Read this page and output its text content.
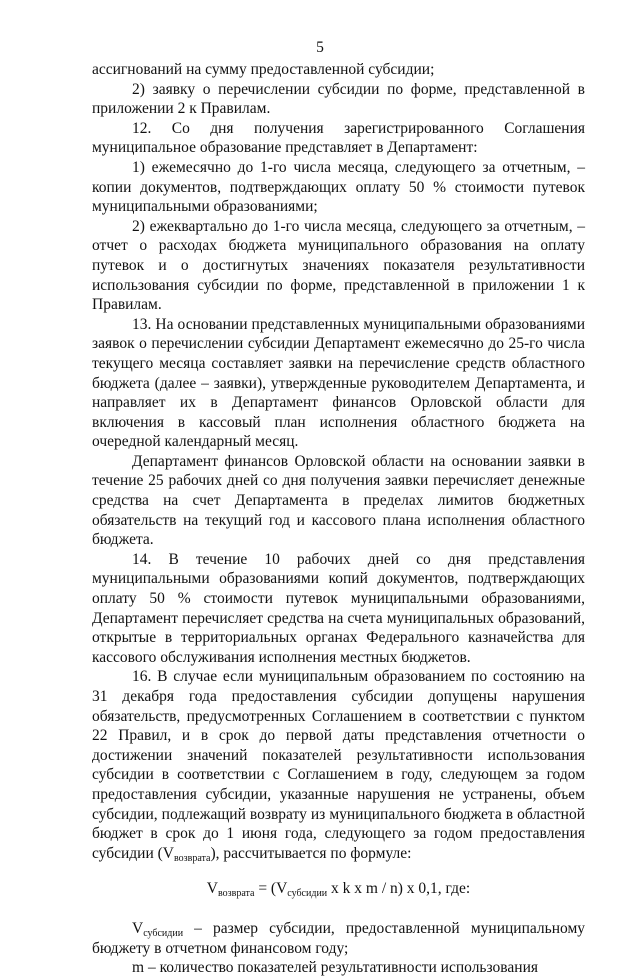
5

ассигнований на сумму предоставленной субсидии;

2) заявку о перечислении субсидии по форме, представленной в приложении 2 к Правилам.

12. Со дня получения зарегистрированного Соглашения муниципальное образование представляет в Департамент:

1) ежемесячно до 1-го числа месяца, следующего за отчетным, – копии документов, подтверждающих оплату 50 % стоимости путевок муниципальными образованиями;

2) ежеквартально до 1-го числа месяца, следующего за отчетным, – отчет о расходах бюджета муниципального образования на оплату путевок и о достигнутых значениях показателя результативности использования субсидии по форме, представленной в приложении 1 к Правилам.

13. На основании представленных муниципальными образованиями заявок о перечислении субсидии Департамент ежемесячно до 25-го числа текущего месяца составляет заявки на перечисление средств областного бюджета (далее – заявки), утвержденные руководителем Департамента, и направляет их в Департамент финансов Орловской области для включения в кассовый план исполнения областного бюджета на очередной календарный месяц.

Департамент финансов Орловской области на основании заявки в течение 25 рабочих дней со дня получения заявки перечисляет денежные средства на счет Департамента в пределах лимитов бюджетных обязательств на текущий год и кассового плана исполнения областного бюджета.

14. В течение 10 рабочих дней со дня представления муниципальными образованиями копий документов, подтверждающих оплату 50 % стоимости путевок муниципальными образованиями, Департамент перечисляет средства на счета муниципальных образований, открытые в территориальных органах Федерального казначейства для кассового обслуживания исполнения местных бюджетов.

16. В случае если муниципальным образованием по состоянию на 31 декабря года предоставления субсидии допущены нарушения обязательств, предусмотренных Соглашением в соответствии с пунктом 22 Правил, и в срок до первой даты представления отчетности о достижении значений показателей результативности использования субсидии в соответствии с Соглашением в году, следующем за годом предоставления субсидии, указанные нарушения не устранены, объем субсидии, подлежащий возврату из муниципального бюджета в областной бюджет в срок до 1 июня года, следующего за годом предоставления субсидии $(V_{возврата})$, рассчитывается по формуле:

$V_{возврата} = (V_{субсидии}$ x k x m / n) x 0,1, где:

$V_{субсидии}$ – размер субсидии, предоставленной муниципальному бюджету в отчетном финансовом году;

m – количество показателей результативности использования
